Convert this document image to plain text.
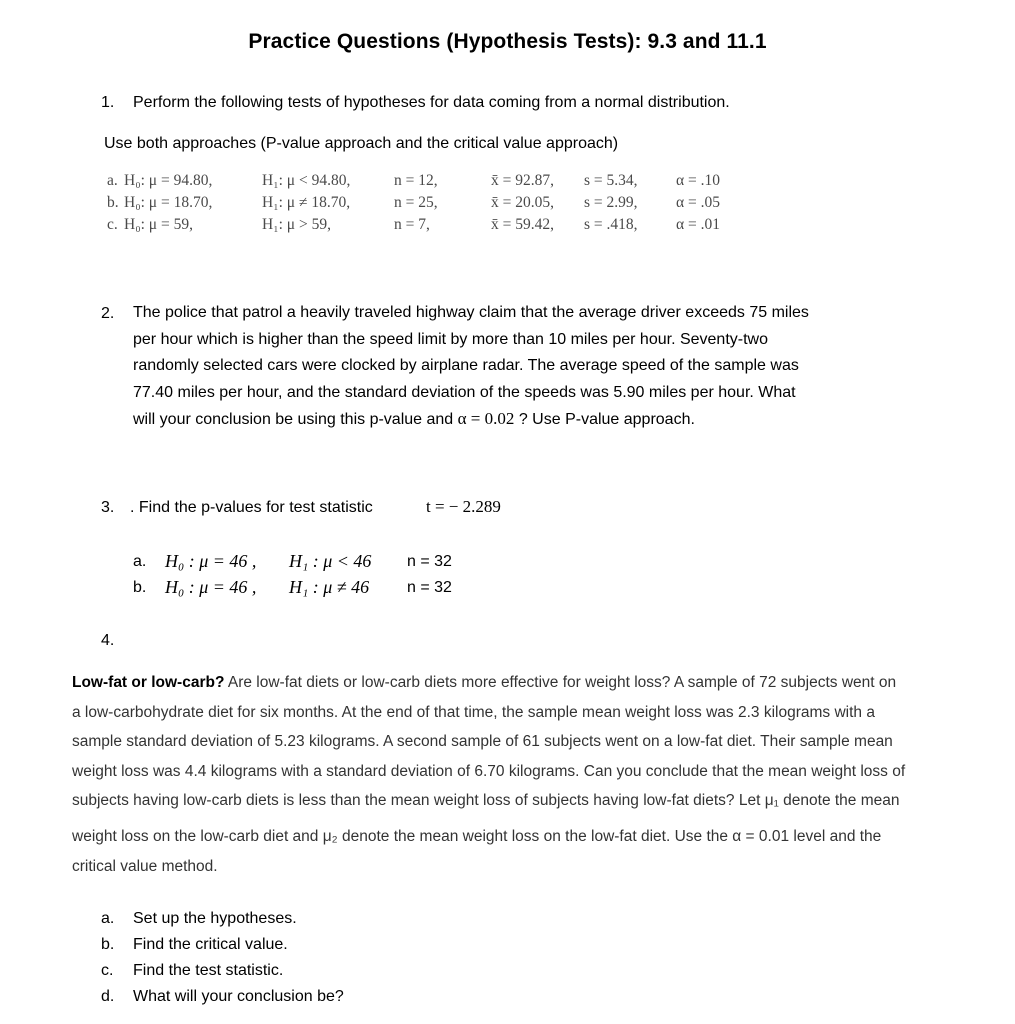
Practice Questions (Hypothesis Tests): 9.3 and 11.1
1. Perform the following tests of hypotheses for data coming from a normal distribution.
Use both approaches (P-value approach and the critical value approach)
a. H₀: μ = 94.80,	H₁: μ < 94.80,	n = 12,	x̄ = 92.87, s = 5.34, α = .10
b. H₀: μ = 18.70,	H₁: μ ≠ 18.70,	n = 25,	x̄ = 20.05, s = 2.99, α = .05
c. H₀: μ = 59,	H₁: μ > 59,	n = 7,	x̄ = 59.42, s = .418, α = .01
2. The police that patrol a heavily traveled highway claim that the average driver exceeds 75 miles
per hour which is higher than the speed limit by more than 10 miles per hour. Seventy-two
randomly selected cars were clocked by airplane radar. The average speed of the sample was
77.40 miles per hour, and the standard deviation of the speeds was 5.90 miles per hour. What
will your conclusion be using this p-value and α = 0.02 ? Use P-value approach.
3. . Find the p-values for test statistic	t = − 2.289
a. H₀ : μ = 46 , H₁ : μ < 46 n = 32
b. H₀ : μ = 46 , H₁ : μ ≠ 46 n = 32
4.
Low-fat or low-carb? Are low-fat diets or low-carb diets more effective for weight loss? A sample of 72 subjects went on
a low-carbohydrate diet for six months. At the end of that time, the sample mean weight loss was 2.3 kilograms with a
sample standard deviation of 5.23 kilograms. A second sample of 61 subjects went on a low-fat diet. Their sample mean
weight loss was 4.4 kilograms with a standard deviation of 6.70 kilograms. Can you conclude that the mean weight loss of
subjects having low-carb diets is less than the mean weight loss of subjects having low-fat diets? Let μ₁ denote the mean
weight loss on the low-carb diet and μ₂ denote the mean weight loss on the low-fat diet. Use the α = 0.01 level and the
critical value method.
a. Set up the hypotheses.
b. Find the critical value.
c. Find the test statistic.
d. What will your conclusion be?
